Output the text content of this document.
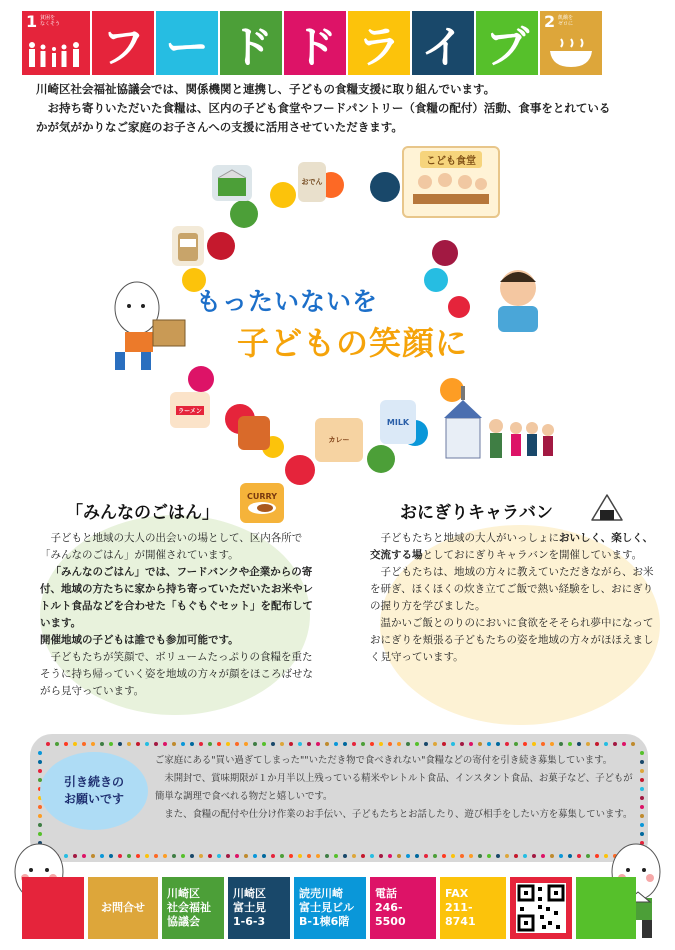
1 貧困を
なくそう フ ー ド ド ラ イ ブ
2 飢餓を
ゼロに

川崎区社会福祉協議会では、関係機関と連携し、子どもの食糧支援に取り組んでいます。

お持ち寄りいただいた食糧は、区内の子ども食堂やフードパントリー（食糧の配付）活動、食事をとれている

かが気がかりなご家庭のお子さんへの支援に活用させていただきます。

おでん
こども食堂
ラーメン
カレー
MILK
もったいないを
子どもの笑顔に
「みんなのごはん」
CURRY

子どもと地域の大人の出会いの場として、区内各所で「みんなのごはん」が開催されています。

「みんなのごはん」では、フードバンクや企業からの寄付、地域の方たちに家から持ち寄っていただいたお米やレトルト食品などを合わせた「もぐもぐセット」を配布しています。

開催地域の子どもは誰でも参加可能です。

子どもたちが笑顔で、ボリュームたっぷりの食糧を重たそうに持ち帰っていく姿を地域の方々が顔をほころばせながら見守っています。

おにぎりキャラバン

子どもたちと地域の大人がいっしょにおいしく、楽しく、交流する場としておにぎりキャラバンを開催しています。

子どもたちは、地域の方々に教えていただきながら、お米を研ぎ、ほくほくの炊き立てご飯で熱い経験をし、おにぎりの握り方を学びました。

温かいご飯とのりのにおいに食欲をそそられ夢中になっておにぎりを頬張る子どもたちの姿を地域の方々がほほえましく見守っています。

引き続きの
お願いです

ご家庭にある"買い過ぎてしまった""いただき物で食べきれない"食糧などの寄付を引き続き募集しています。

未開封で、賞味期限が１か月半以上残っている精米やレトルト食品、インスタント食品、お菓子など、子どもが簡単な調理で食べれる物だと嬉しいです。

また、食糧の配付や仕分け作業のお手伝い、子どもたちとお話したり、遊び相手をしたい方を募集しています。

お問合せ
川崎区
社会福祉
協議会
川崎区
富士見
1-6-3
読売川崎
富士見ビル
B-1棟6階
電話
246-5500
FAX
211-8741
